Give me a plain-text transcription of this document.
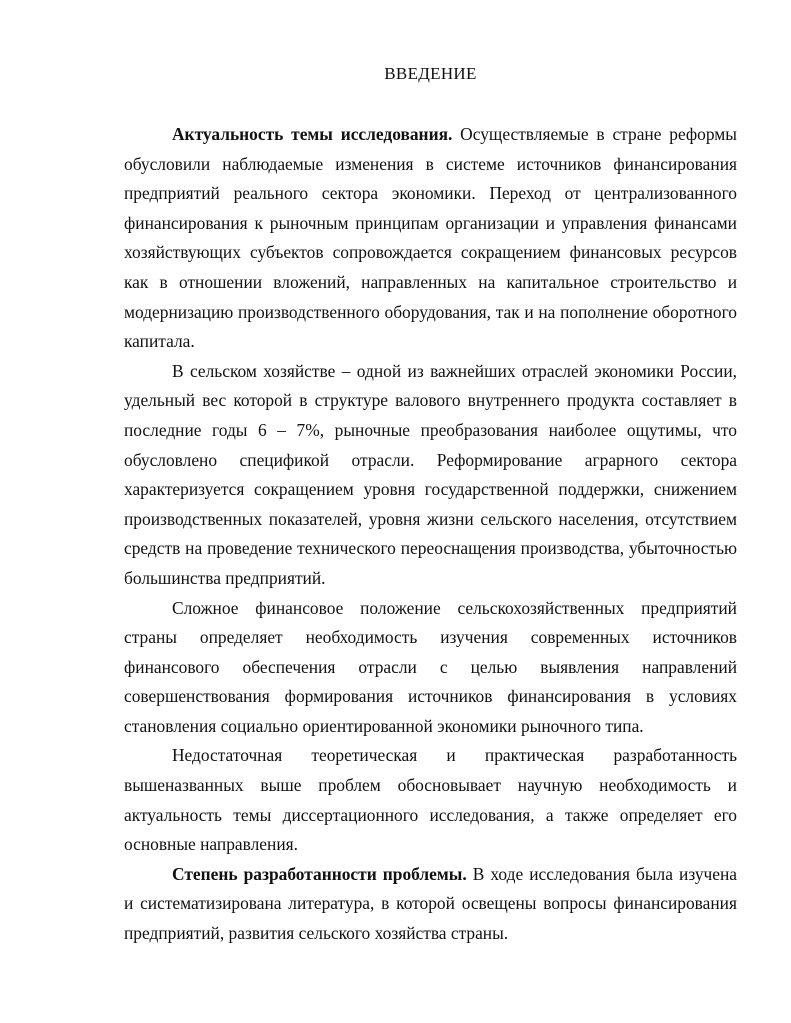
ВВЕДЕНИЕ

Актуальность темы исследования. Осуществляемые в стране реформы обусловили наблюдаемые изменения в системе источников финансирования предприятий реального сектора экономики. Переход от централизованного финансирования к рыночным принципам организации и управления финансами хозяйствующих субъектов сопровождается сокращением финансовых ресурсов как в отношении вложений, направленных на капитальное строительство и модернизацию производственного оборудования, так и на пополнение оборотного капитала.

В сельском хозяйстве – одной из важнейших отраслей экономики России, удельный вес которой в структуре валового внутреннего продукта составляет в последние годы 6 – 7%, рыночные преобразования наиболее ощутимы, что обусловлено спецификой отрасли. Реформирование аграрного сектора характеризуется сокращением уровня государственной поддержки, снижением производственных показателей, уровня жизни сельского населения, отсутствием средств на проведение технического переоснащения производства, убыточностью большинства предприятий.

Сложное финансовое положение сельскохозяйственных предприятий страны определяет необходимость изучения современных источников финансового обеспечения отрасли с целью выявления направлений совершенствования формирования источников финансирования в условиях становления социально ориентированной экономики рыночного типа.

Недостаточная теоретическая и практическая разработанность вышеназванных выше проблем обосновывает научную необходимость и актуальность темы диссертационного исследования, а также определяет его основные направления.

Степень разработанности проблемы. В ходе исследования была изучена и систематизирована литература, в которой освещены вопросы финансирования предприятий, развития сельского хозяйства страны.
